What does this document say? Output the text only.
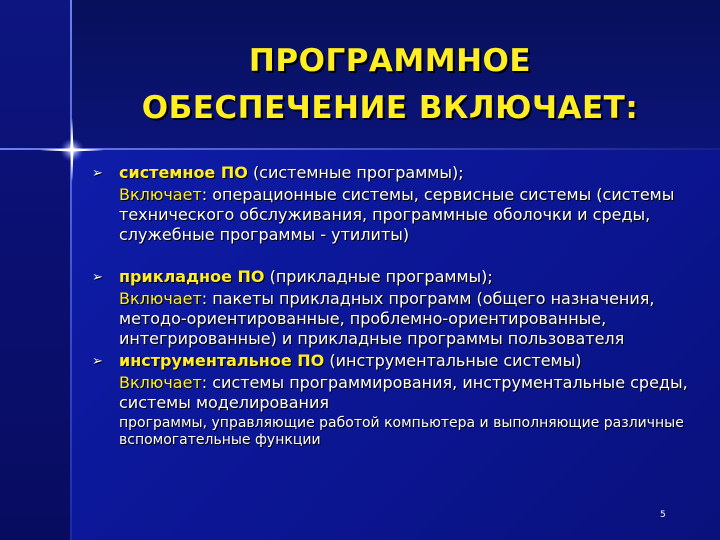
ПРОГРАММНОЕ
ОБЕСПЕЧЕНИЕ ВКЛЮЧАЕТ:
➢ системное ПО (системные программы);
Включает: операционные системы, сервисные системы (системы технического обслуживания, программные оболочки и среды, служебные программы - утилиты)
➢ прикладное ПО (прикладные программы);
Включает: пакеты прикладных программ (общего назначения, методо-ориентированные, проблемно-ориентированные, интегрированные) и прикладные программы пользователя
➢ инструментальное ПО (инструментальные системы)
Включает: системы программирования, инструментальные среды, системы моделирования
программы, управляющие работой компьютера и выполняющие различные вспомогательные функции
5
